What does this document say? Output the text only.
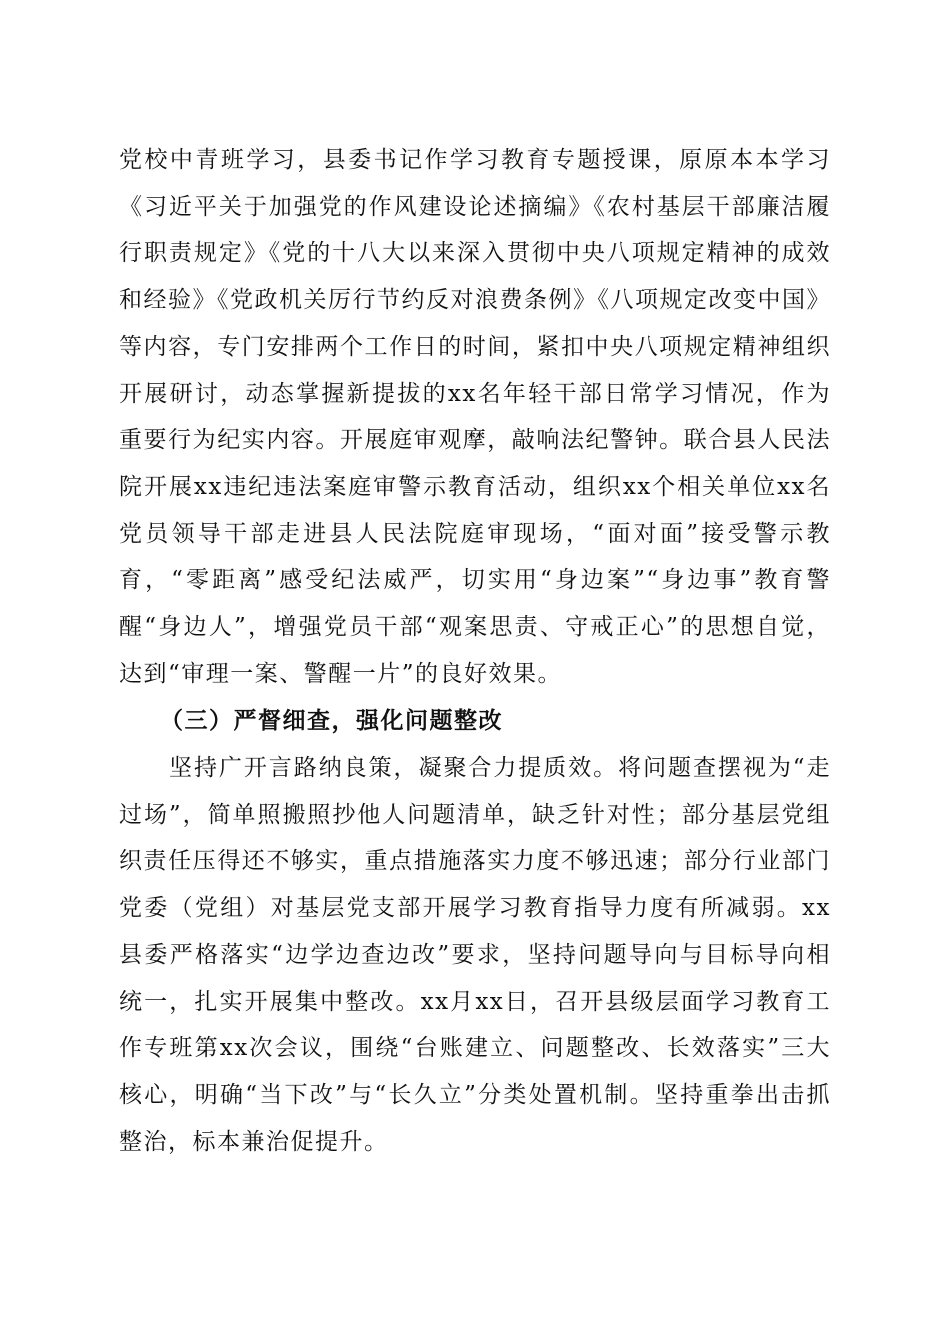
党校中青班学习，县委书记作学习教育专题授课，原原本本学习《习近平关于加强党的作风建设论述摘编》《农村基层干部廉洁履行职责规定》《党的十八大以来深入贯彻中央八项规定精神的成效和经验》《党政机关厉行节约反对浪费条例》《八项规定改变中国》等内容，专门安排两个工作日的时间，紧扣中央八项规定精神组织开展研讨，动态掌握新提拔的xx名年轻干部日常学习情况，作为重要行为纪实内容。开展庭审观摩，敲响法纪警钟。联合县人民法院开展xx违纪违法案庭审警示教育活动，组织xx个相关单位xx名党员领导干部走进县人民法院庭审现场，“面对面”接受警示教育，“零距离”感受纪法威严，切实用“身边案”“身边事”教育警醒“身边人”，增强党员干部“观案思责、守戒正心”的思想自觉，达到“审理一案、警醒一片”的良好效果。

（三）严督细查，强化问题整改

坚持广开言路纳良策，凝聚合力提质效。将问题查摆视为“走过场”，简单照搬照抄他人问题清单，缺乏针对性；部分基层党组织责任压得还不够实，重点措施落实力度不够迅速；部分行业部门党委（党组）对基层党支部开展学习教育指导力度有所减弱。xx县委严格落实“边学边查边改”要求，坚持问题导向与目标导向相统一，扎实开展集中整改。xx月xx日，召开县级层面学习教育工作专班第xx次会议，围绕“台账建立、问题整改、长效落实”三大核心，明确“当下改”与“长久立”分类处置机制。坚持重拳出击抓整治，标本兼治促提升。
